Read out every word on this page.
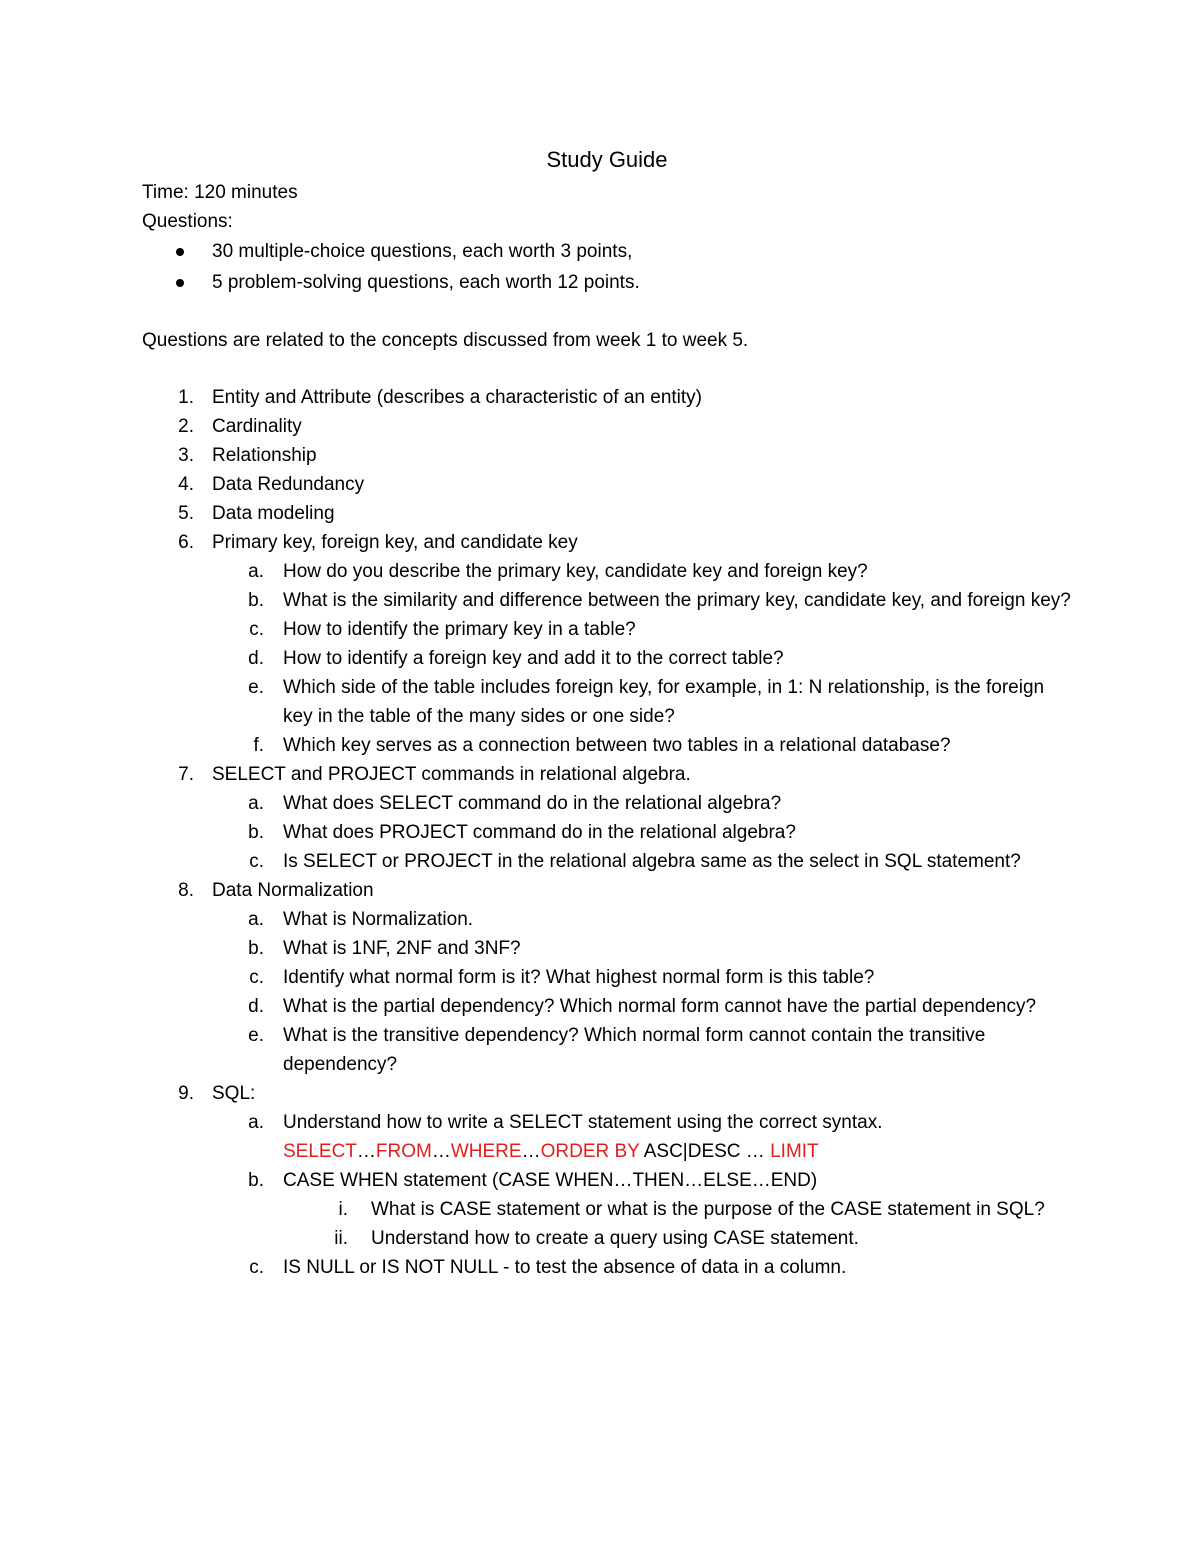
Study Guide
Time: 120 minutes
Questions:
30 multiple-choice questions, each worth 3 points,
5 problem-solving questions, each worth 12 points.
Questions are related to the concepts discussed from week 1 to week 5.
1. Entity and Attribute (describes a characteristic of an entity)
2. Cardinality
3. Relationship
4. Data Redundancy
5. Data modeling
6. Primary key, foreign key, and candidate key
a. How do you describe the primary key, candidate key and foreign key?
b. What is the similarity and difference between the primary key, candidate key, and foreign key?
c. How to identify the primary key in a table?
d. How to identify a foreign key and add it to the correct table?
e. Which side of the table includes foreign key, for example, in 1: N relationship, is the foreign key in the table of the many sides or one side?
f. Which key serves as a connection between two tables in a relational database?
7. SELECT and PROJECT commands in relational algebra.
a. What does SELECT command do in the relational algebra?
b. What does PROJECT command do in the relational algebra?
c. Is SELECT or PROJECT in the relational algebra same as the select in SQL statement?
8. Data Normalization
a. What is Normalization.
b. What is 1NF, 2NF and 3NF?
c. Identify what normal form is it? What highest normal form is this table?
d. What is the partial dependency? Which normal form cannot have the partial dependency?
e. What is the transitive dependency? Which normal form cannot contain the transitive dependency?
9. SQL:
a. Understand how to write a SELECT statement using the correct syntax.
SELECT…FROM…WHERE…ORDER BY ASC|DESC … LIMIT
b. CASE WHEN statement (CASE WHEN…THEN…ELSE…END)
i. What is CASE statement or what is the purpose of the CASE statement in SQL?
ii. Understand how to create a query using CASE statement.
c. IS NULL or IS NOT NULL - to test the absence of data in a column.
